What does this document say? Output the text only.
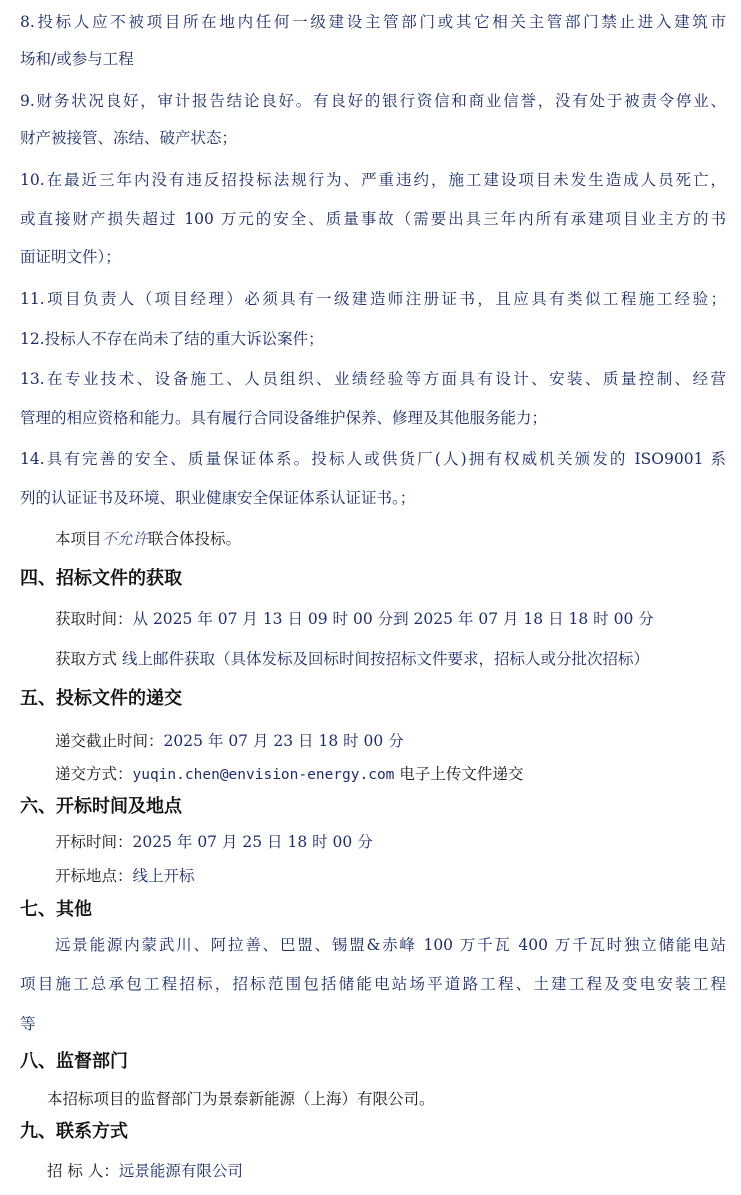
8.投标人应不被项目所在地内任何一级建设主管部门或其它相关主管部门禁止进入建筑市
场和/或参与工程
9.财务状况良好，审计报告结论良好。有良好的银行资信和商业信誉，没有处于被责令停业、
财产被接管、冻结、破产状态；
10.在最近三年内没有违反招投标法规行为、严重违约，施工建设项目未发生造成人员死亡，
或直接财产损失超过 100 万元的安全、质量事故（需要出具三年内所有承建项目业主方的书
面证明文件）；
11.项目负责人（项目经理）必须具有一级建造师注册证书，且应具有类似工程施工经验；
12.投标人不存在尚未了结的重大诉讼案件；
13.在专业技术、设备施工、人员组织、业绩经验等方面具有设计、安装、质量控制、经营
管理的相应资格和能力。具有履行合同设备维护保养、修理及其他服务能力；
14.具有完善的安全、质量保证体系。投标人或供货厂(人)拥有权威机关颁发的 ISO9001 系
列的认证证书及环境、职业健康安全保证体系认证证书。；
本项目不允许联合体投标。
四、招标文件的获取
获取时间：从 2025 年 07 月 13 日 09 时 00 分到 2025 年 07 月 18 日 18 时 00 分
获取方式 线上邮件获取（具体发标及回标时间按招标文件要求，招标人或分批次招标）
五、投标文件的递交
递交截止时间：2025 年 07 月 23 日 18 时 00 分
递交方式：yuqin.chen@envision-energy.com 电子上传文件递交
六、开标时间及地点
开标时间：2025 年 07 月 25 日 18 时 00 分
开标地点：线上开标
七、其他
远景能源内蒙武川、阿拉善、巴盟、锡盟&赤峰 100 万千瓦 400 万千瓦时独立储能电站
项目施工总承包工程招标，招标范围包括储能电站场平道路工程、土建工程及变电安装工程
等
八、监督部门
本招标项目的监督部门为景泰新能源（上海）有限公司。
九、联系方式
招 标 人：远景能源有限公司
